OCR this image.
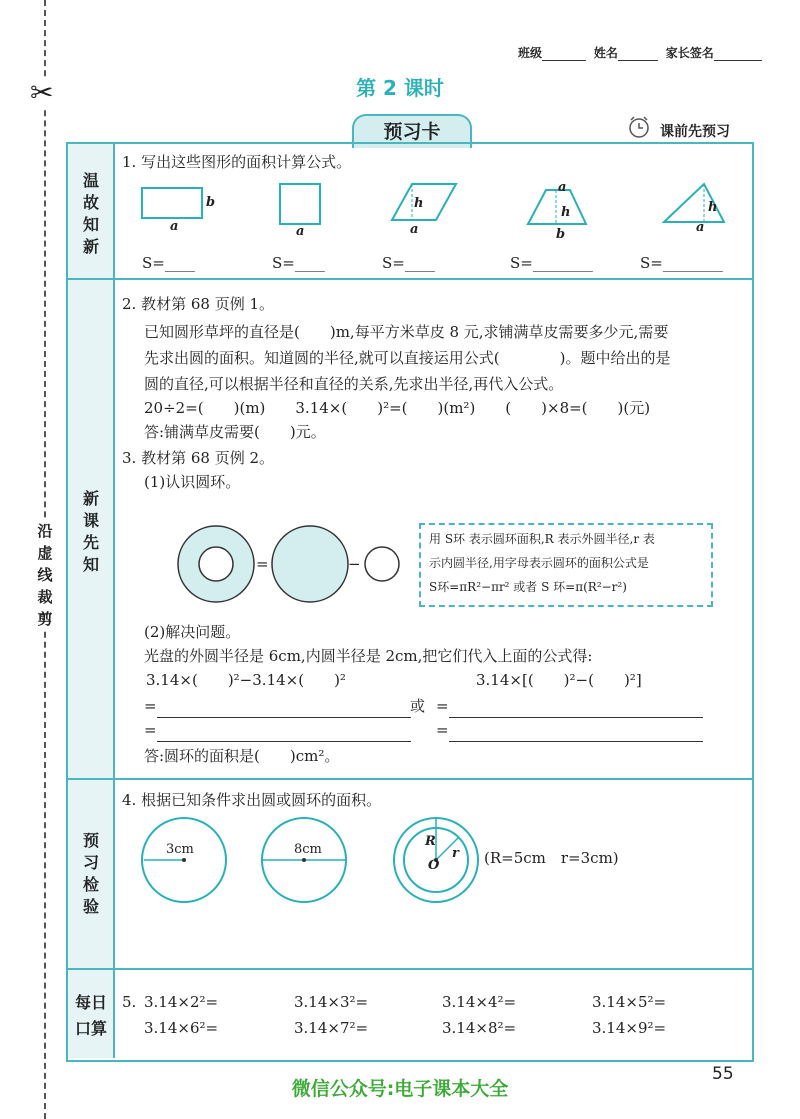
✂
沿
虚
线
裁
剪
班级	姓名	家长签名
第 2 课时
预习卡	课前先预习
温
故
知
新
新
课
先
知
预
习
检
验
每日
口算
1. 写出这些图形的面积计算公式。
b
a	a
h
a
a
h
b
h
a
S=____	S=____	S=____	S=________	S=________
2. 教材第 68 页例 1。
已知圆形草坪的直径是(　　)m,每平方米草皮 8 元,求铺满草皮需要多少元,需要
先求出圆的面积。知道圆的半径,就可以直接运用公式(　　　　)。题中给出的是
圆的直径,可以根据半径和直径的关系,先求出半径,再代入公式。
20÷2=(　　)(m)　　3.14×(　　)²=(　　)(m²)　　(　　)×8=(　　)(元)
答:铺满草皮需要(　　)元。
3. 教材第 68 页例 2。
(1)认识圆环。
=	−
用 S环 表示圆环面积,R 表示外圆半径,r 表
示内圆半径,用字母表示圆环的面积公式是
S环=πR²−πr² 或者 S 环=π(R²−r²)
(2)解决问题。
光盘的外圆半径是 6cm,内圆半径是 2cm,把它们代入上面的公式得:
3.14×(　　)²−3.14×(　　)²	3.14×[(　　)²−(　　)²]
=	或 =
=	=
答:圆环的面积是(　　)cm²。
4. 根据已知条件求出圆或圆环的面积。
3cm	8cm
R
r
O	(R=5cm　r=3cm)
5. 3.14×2²=	3.14×3²=	3.14×4²=	3.14×5²=
3.14×6²=	3.14×7²=	3.14×8²=	3.14×9²=
55
微信公众号:电子课本大全
